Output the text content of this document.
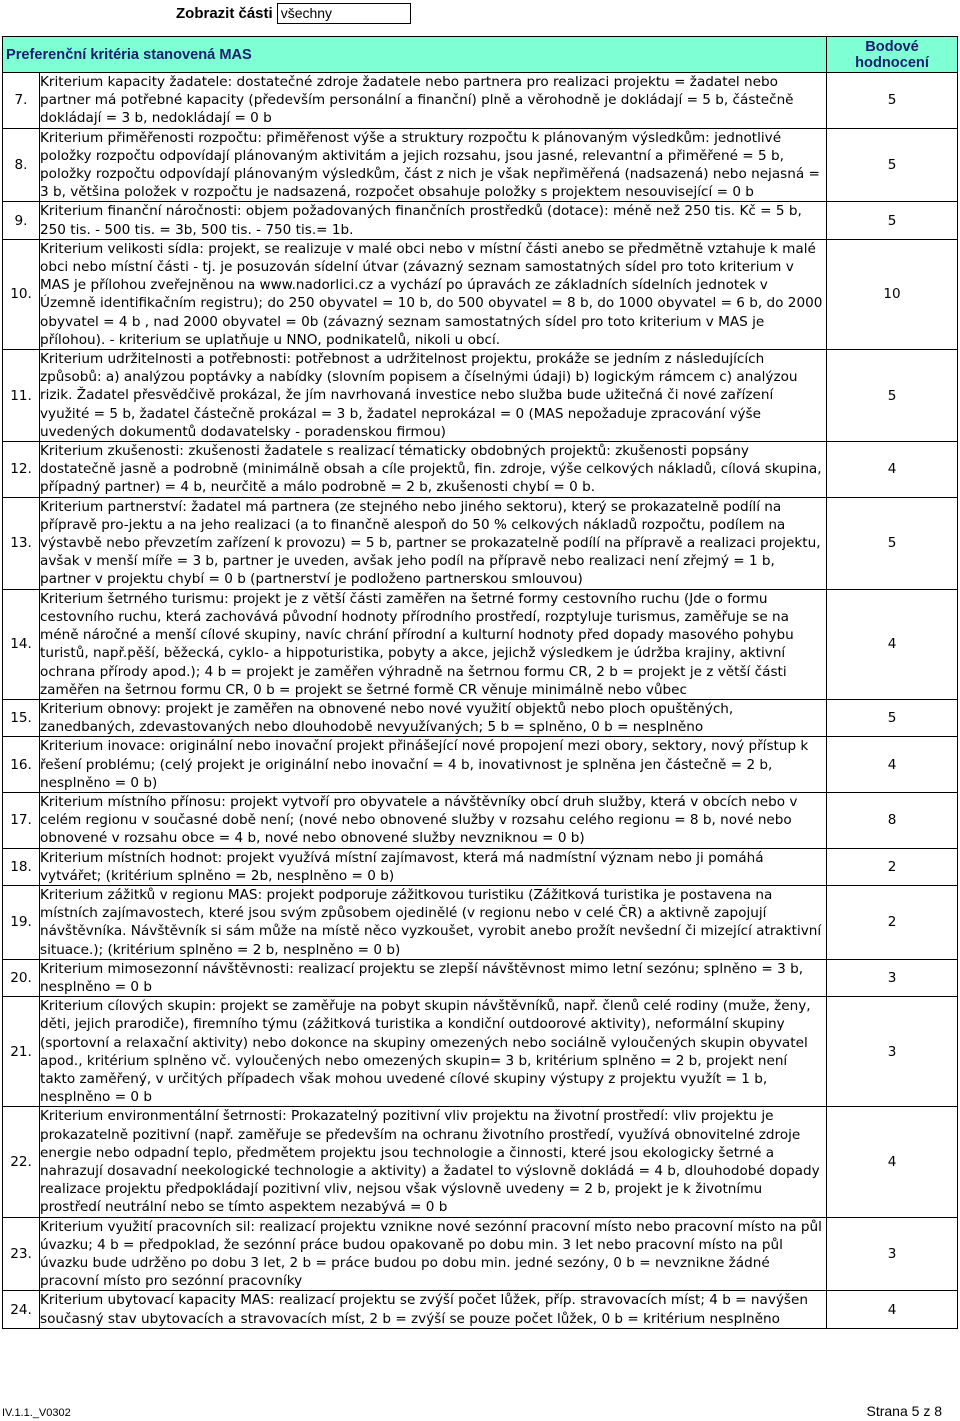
Zobrazit části všechny
Preferenční kritéria stanovená MAS		Bodové hodnocení
7.	Kriterium kapacity žadatele: dostatečné zdroje žadatele nebo partnera pro realizaci projektu = žadatel nebo partner má potřebné kapacity (především personální a finanční) plně a věrohodně je dokládají = 5 b, částečně dokládají = 3 b, nedokládají = 0 b	5
8.	Kriterium přiměřenosti rozpočtu: přiměřenost výše a struktury rozpočtu k plánovaným výsledkům: jednotlivé položky rozpočtu odpovídají plánovaným aktivitám a jejich rozsahu, jsou jasné, relevantní a přiměřené = 5 b, položky rozpočtu odpovídají plánovaným výsledkům, část z nich je však nepřiměřená (nadsazená) nebo nejasná = 3 b, většina položek v rozpočtu je nadsazená, rozpočet obsahuje položky s projektem nesouvisející = 0 b	5
9.	Kriterium finanční náročnosti: objem požadovaných finančních prostředků (dotace): méně než 250 tis. Kč = 5 b, 250 tis. - 500 tis. = 3b, 500 tis. - 750 tis.= 1b.	5
10.	Kriterium velikosti sídla: projekt, se realizuje v malé obci nebo v místní části anebo se předmětně vztahuje k malé obci nebo místní části - tj. je posuzován sídelní útvar (závazný seznam samostatných sídel pro toto kriterium v MAS je přílohou zveřejněnou na www.nadorlici.cz a vychází po úpravách ze základních sídelních jednotek v Územně identifikačním registru); do 250 obyvatel = 10 b, do 500 obyvatel = 8 b, do 1000 obyvatel = 6 b, do 2000 obyvatel = 4 b , nad 2000 obyvatel = 0b (závazný seznam samostatných sídel pro toto kriterium v MAS je přílohou). - kriterium se uplatňuje u NNO, podnikatelů, nikoli u obcí.	10
11.	Kriterium udržitelnosti a potřebnosti: potřebnost a udržitelnost projektu, prokáže se jedním z následujících způsobů: a) analýzou poptávky a nabídky (slovním popisem a číselnými údaji) b) logickým rámcem c) analýzou rizik. Žadatel přesvědčivě prokázal, že jím navrhovaná investice nebo služba bude užitečná či nové zařízení využité = 5 b, žadatel částečně prokázal = 3 b, žadatel neprokázal = 0 (MAS nepožaduje zpracování výše uvedených dokumentů dodavatelsky - poradenskou firmou)	5
12.	Kriterium zkušenosti: zkušenosti žadatele s realizací tématicky obdobných projektů: zkušenosti popsány dostatečně jasně a podrobně (minimálně obsah a cíle projektů, fin. zdroje, výše celkových nákladů, cílová skupina, případný partner) = 4 b, neurčitě a málo podrobně = 2 b, zkušenosti chybí = 0 b.	4
13.	Kriterium partnerství: žadatel má partnera (ze stejného nebo jiného sektoru), který se prokazatelně podílí na přípravě pro-jektu a na jeho realizaci (a to finančně alespoň do 50 % celkových nákladů rozpočtu, podílem na výstavbě nebo převzetím zařízení k provozu) = 5 b, partner se prokazatelně podílí na přípravě a realizaci projektu, avšak v menší míře = 3 b, partner je uveden, avšak jeho podíl na přípravě nebo realizaci není zřejmý = 1 b, partner v projektu chybí = 0 b (partnerství je podloženo partnerskou smlouvou)	5
14.	Kriterium šetrného turismu: projekt je z větší části zaměřen na šetrné formy cestovního ruchu (Jde o formu cestovního ruchu, která zachovává původní hodnoty přírodního prostředí, rozptyluje turismus, zaměřuje se na méně náročné a menší cílové skupiny, navíc chrání přírodní a kulturní hodnoty před dopady masového pohybu turistů, např.pěší, běžecká, cyklo- a hippoturistika, pobyty a akce, jejichž výsledkem je údržba krajiny, aktivní ochrana přírody apod.); 4 b = projekt je zaměřen výhradně na šetrnou formu CR, 2 b = projekt je z větší části zaměřen na šetrnou formu CR, 0 b = projekt se šetrné formě CR věnuje minimálně nebo vůbec	4
15.	Kriterium obnovy: projekt je zaměřen na obnovené nebo nové využití objektů nebo ploch opuštěných, zanedbaných, zdevastovaných nebo dlouhodobě nevyužívaných; 5 b = splněno, 0 b = nesplněno	5
16.	Kriterium inovace: originální nebo inovační projekt přinášející nové propojení mezi obory, sektory, nový přístup k řešení problému; (celý projekt je originální nebo inovační = 4 b, inovativnost je splněna jen částečně = 2 b, nesplněno = 0 b)	4
17.	Kriterium místního přínosu: projekt vytvoří pro obyvatele a návštěvníky obcí druh služby, která v obcích nebo v celém regionu v současné době není; (nové nebo obnovené služby v rozsahu celého regionu = 8 b, nové nebo obnovené v rozsahu obce = 4 b, nové nebo obnovené služby nevzniknou = 0 b)	8
18.	Kriterium místních hodnot: projekt využívá místní zajímavost, která má nadmístní význam nebo ji pomáhá vytvářet; (kritérium splněno = 2b, nesplněno = 0 b)	2
19.	Kriterium zážitků v regionu MAS: projekt podporuje zážitkovou turistiku (Zážitková turistika je postavena na místních zajímavostech, které jsou svým způsobem ojedinělé (v regionu nebo v celé ČR) a aktivně zapojují návštěvníka. Návštěvník si sám může na místě něco vyzkoušet, vyrobit anebo prožít nevšední či mizející atraktivní situace.); (kritérium splněno = 2 b, nesplněno = 0 b)	2
20.	Kriterium mimosezonní návštěvnosti: realizací projektu se zlepší návštěvnost mimo letní sezónu; splněno = 3 b, nesplněno = 0 b	3
21.	Kriterium cílových skupin: projekt se zaměřuje na pobyt skupin návštěvníků, např. členů celé rodiny (muže, ženy, děti, jejich prarodiče), firemního týmu (zážitková turistika a kondiční outdoorové aktivity), neformální skupiny (sportovní a relaxační aktivity) nebo dokonce na skupiny omezených nebo sociálně vyloučených skupin obyvatel apod., kritérium splněno vč. vyloučených nebo omezených skupin= 3 b, kritérium splněno = 2 b, projekt není takto zaměřený, v určitých případech však mohou uvedené cílové skupiny výstupy z projektu využít = 1 b, nesplněno = 0 b	3
22.	Kriterium environmentální šetrnosti: Prokazatelný pozitivní vliv projektu na životní prostředí: vliv projektu je prokazatelně pozitivní (např. zaměřuje se především na ochranu životního prostředí, využívá obnovitelné zdroje energie nebo odpadní teplo, předmětem projektu jsou technologie a činnosti, které jsou ekologicky šetrné a nahrazují dosavadní neekologické technologie a aktivity) a žadatel to výslovně dokládá = 4 b, dlouhodobé dopady realizace projektu předpokládají pozitivní vliv, nejsou však výslovně uvedeny = 2 b, projekt je k životnímu prostředí neutrální nebo se tímto aspektem nezabývá = 0 b	4
23.	Kriterium využití pracovních sil: realizací projektu vznikne nové sezónní pracovní místo nebo pracovní místo na půl úvazku; 4 b = předpoklad, že sezónní práce budou opakovaně po dobu min. 3 let nebo pracovní místo na půl úvazku bude udržěno po dobu 3 let, 2 b = práce budou po dobu min. jedné sezóny, 0 b = nevznikne žádné pracovní místo pro sezónní pracovníky	3
24.	Kriterium ubytovací kapacity MAS: realizací projektu se zvýší počet lůžek, příp. stravovacích míst; 4 b = navýšen současný stav ubytovacích a stravovacích míst, 2 b = zvýší se pouze počet lůžek, 0 b = kritérium nesplněno	4
IV.1.1._V0302	Strana 5 z 8
